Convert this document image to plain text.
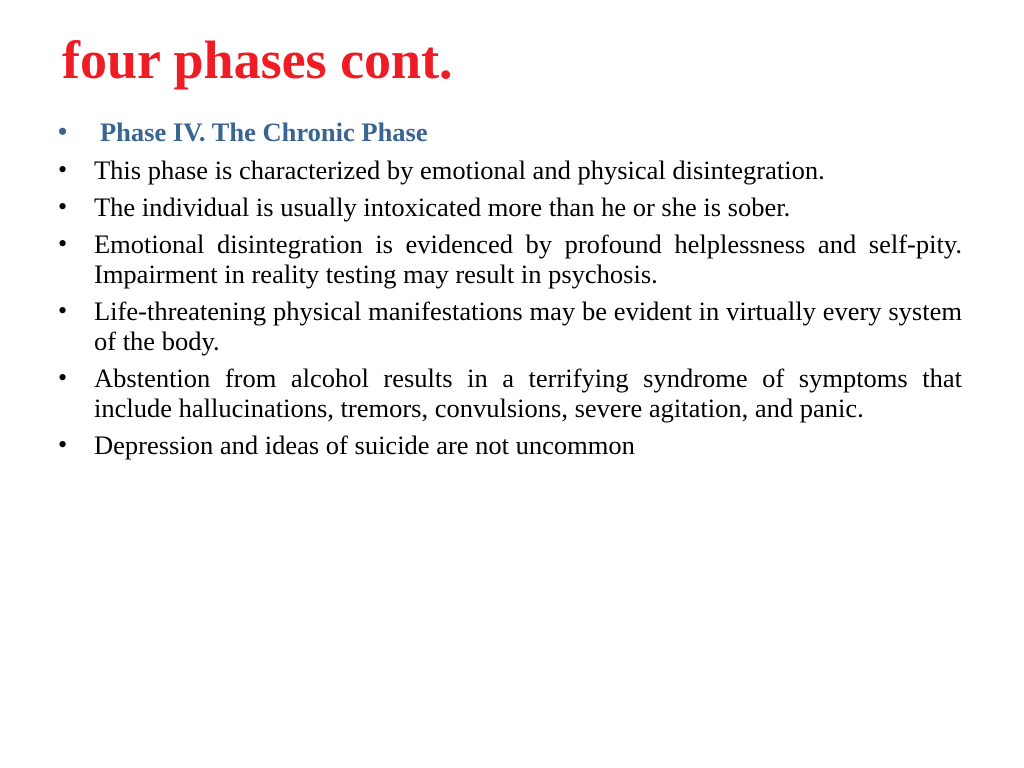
four phases cont.
• Phase IV. The Chronic Phase
• This phase is characterized by emotional and physical disintegration.
• The individual is usually intoxicated more than he or she is sober.
• Emotional disintegration is evidenced by profound helplessness and self-pity. Impairment in reality testing may result in psychosis.
• Life-threatening physical manifestations may be evident in virtually every system of the body.
• Abstention from alcohol results in a terrifying syndrome of symptoms that include hallucinations, tremors, convulsions, severe agitation, and panic.
• Depression and ideas of suicide are not uncommon
